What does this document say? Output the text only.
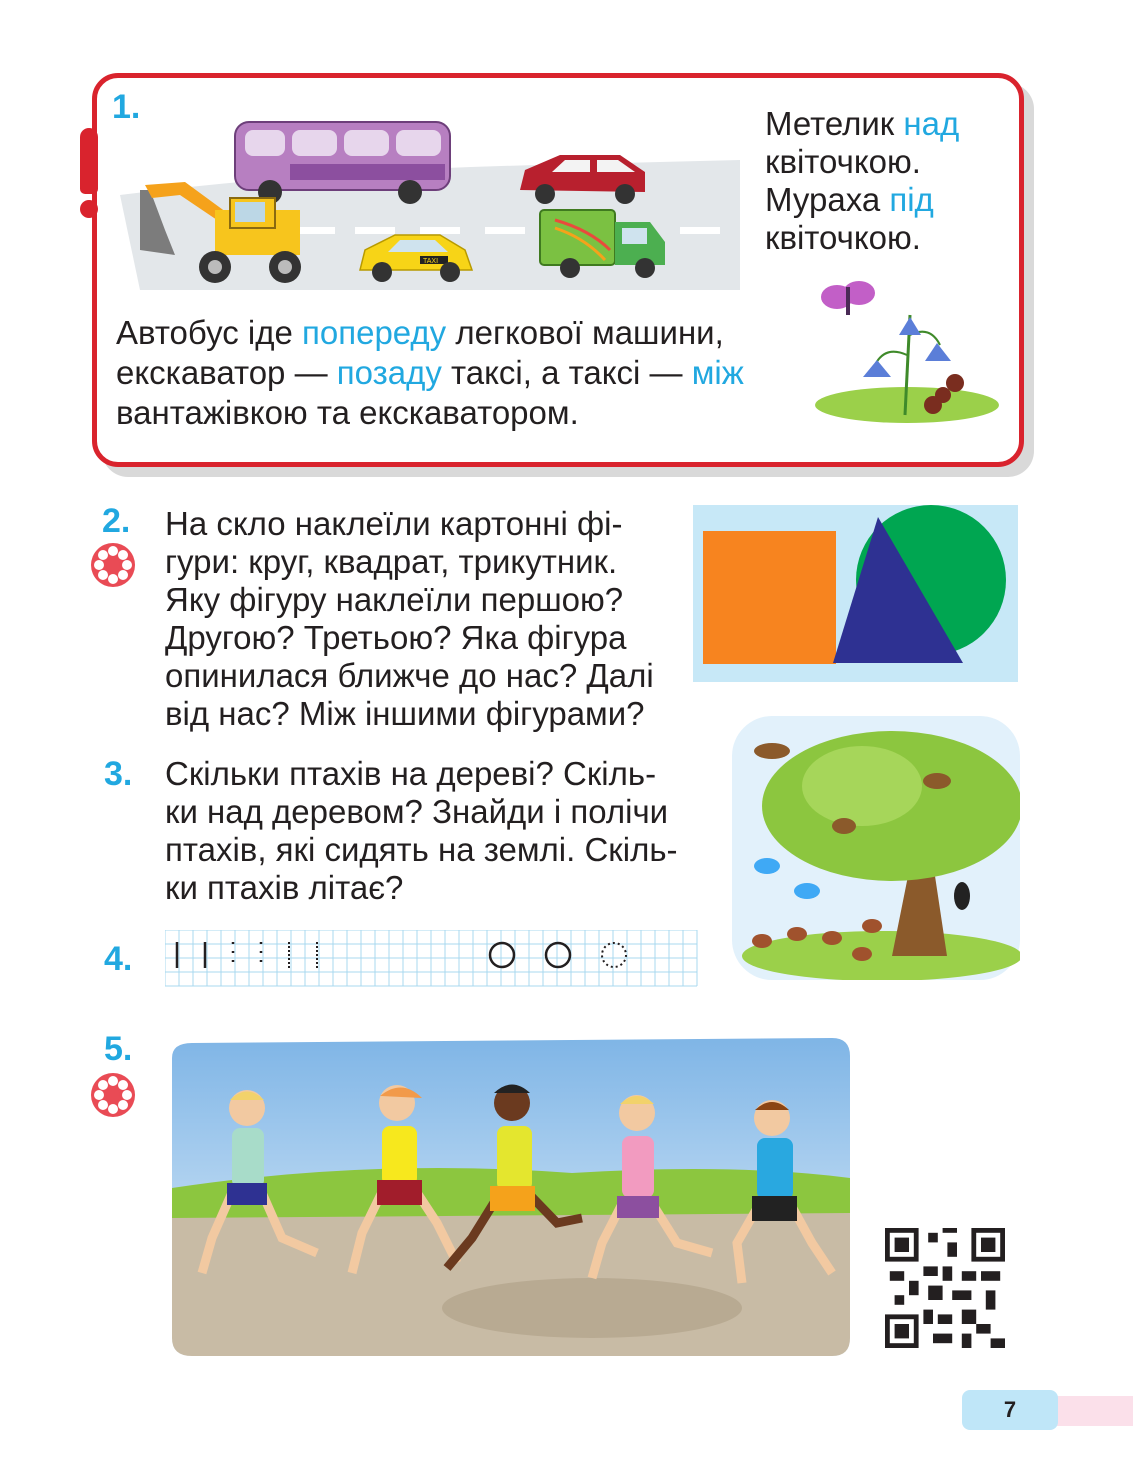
1.
TAXI
Метелик над
квіточкою.
Мураха під
квіточкою.
Автобус іде попереду легкової машини,
екскаватор — позаду таксі, а таксі — між
вантажівкою та екскаватором.
2. На скло наклеїли картонні фі-
гури: круг, квадрат, трикутник.
Яку фігуру наклеїли першою?
Другою? Третьою? Яка фігура
опинилася ближче до нас? Далі
від нас? Між іншими фігурами?
3. Скільки птахів на дереві? Скіль-
ки над деревом? Знайди і полічи
птахів, які сидять на землі. Скіль-
ки птахів літає?
4.
5.
7
